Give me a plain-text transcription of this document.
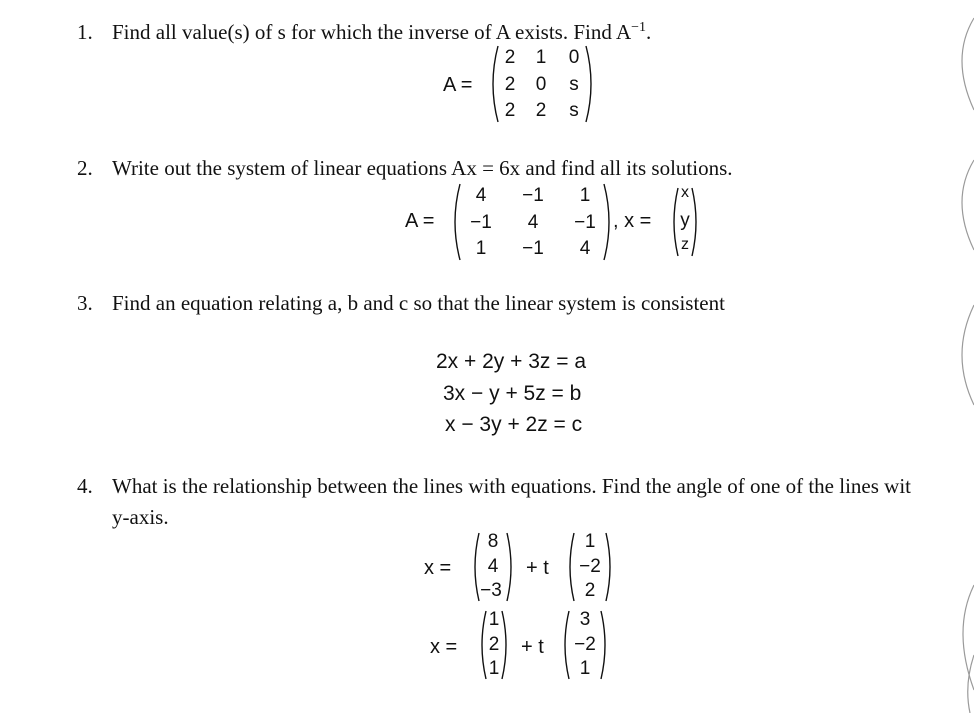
1. Find all value(s) of s for which the inverse of A exists. Find $A^{-1}$.
A =
2	1	0
2	0	s
2	2	s
2. Write out the system of linear equations Ax = 6x and find all its solutions.
A =
4	−1	1
−1	4	−1
1	−1	4
, x =
x
y
z
3. Find an equation relating a, b and c so that the linear system is consistent
2x + 2y + 3z = a
3x − y + 5z = b
x − 3y + 2z = c
4. What is the relationship between the lines with equations. Find the angle of one of the lines wit
y-axis.
x =
8
4
−3
+ t
1
−2
2
x =
1
2
1
+ t
3
−2
1
